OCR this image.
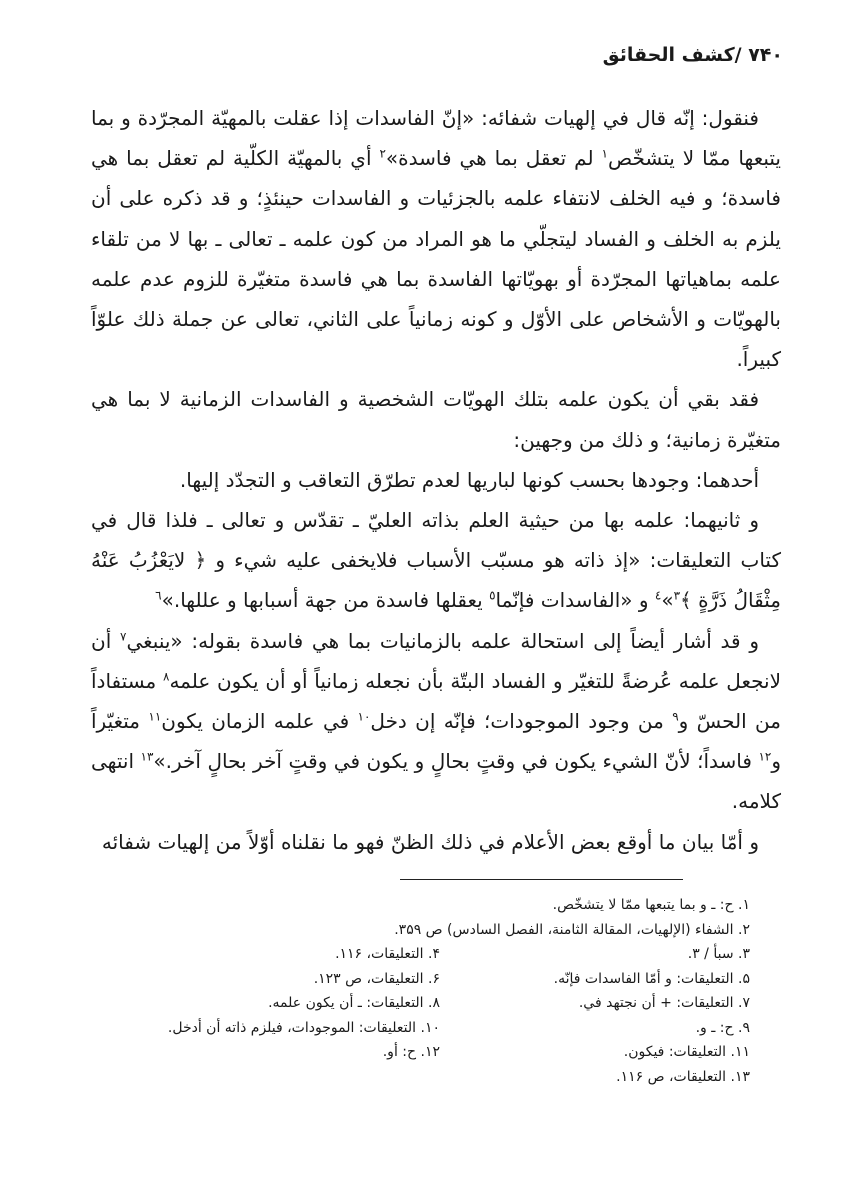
۷۴۰ /کشف الحقائق

فنقول: إنّه قال في إلهيات شفائه: «إنّ الفاسدات إذا عقلت بالمهيّة المجرّدة و بما يتبعها ممّا لا يتشخّص$^١$ لم تعقل بما هي فاسدة»$^٢$ أي بالمهيّة الكلّية لم تعقل بما هي فاسدة؛ و فيه الخلف لانتفاء علمه بالجزئيات و الفاسدات حينئذٍ؛ و قد ذكره على أن يلزم به الخلف و الفساد ليتجلّي ما هو المراد من كون علمه ـ تعالى ـ بها لا من تلقاء علمه بماهياتها المجرّدة أو بهويّاتها الفاسدة بما هي فاسدة متغيّرة للزوم عدم علمه بالهويّات و الأشخاص على الأوّل و كونه زمانياً على الثاني، تعالى عن جملة ذلك علوّاً كبيراً.

فقد بقي أن يكون علمه بتلك الهويّات الشخصية و الفاسدات الزمانية لا بما هي متغيّرة زمانية؛ و ذلك من وجهين:

أحدهما: وجودها بحسب كونها لباريها لعدم تطرّق التعاقب و التجدّد إليها.

و ثانيهما: علمه بها من حيثية العلم بذاته العليّ ـ تقدّس و تعالى ـ فلذا قال في كتاب التعليقات: «إذ ذاته هو مسبّب الأسباب فلايخفى عليه شيء و ﴿ لايَعْزُبُ عَنْهُ مِثْقَالُ ذَرَّةٍ ﴾$^٣$»$^٤$ و «الفاسدات فإنّما$^٥$ يعقلها فاسدة من جهة أسبابها و عللها.»$^٦$

و قد أشار أيضاً إلى استحالة علمه بالزمانيات بما هي فاسدة بقوله: «ينبغي$^٧$ أن لانجعل علمه عُرضةً للتغيّر و الفساد البتّة بأن نجعله زمانياً أو أن يكون علمه$^٨$ مستفاداً من الحسّ و$^٩$ من وجود الموجودات؛ فإنّه إن دخل$^{١٠}$ في علمه الزمان يكون$^{١١}$ متغيّراً و$^{١٢}$ فاسداً؛ لأنّ الشيء يكون في وقتٍ بحالٍ و يكون في وقتٍ آخر بحالٍ آخر.»$^{١٣}$ انتهى كلامه.

و أمّا بيان ما أوقع بعض الأعلام في ذلك الظنّ فهو ما نقلناه أوّلاً من إلهيات شفائه

۱. ح: ـ و بما يتبعها ممّا لا يتشخّص.
۲. الشفاء (الإلهيات، المقالة الثامنة، الفصل السادس) ص ۳۵۹.
۳. سبأ / ۳.
۴. التعليقات، ۱۱۶.
۵. التعليقات: و أمّا الفاسدات فإنّه.
۶. التعليقات، ص ۱۲۳.
۷. التعليقات: + أن نجتهد في.
۸. التعليقات: ـ أن يكون علمه.
۹. ح: ـ و.
۱۰. التعليقات: الموجودات، فيلزم ذاته أن أدخل.
۱۱. التعليقات: فيكون.
۱۲. ح: أو.
۱۳. التعليقات، ص ۱۱۶.
